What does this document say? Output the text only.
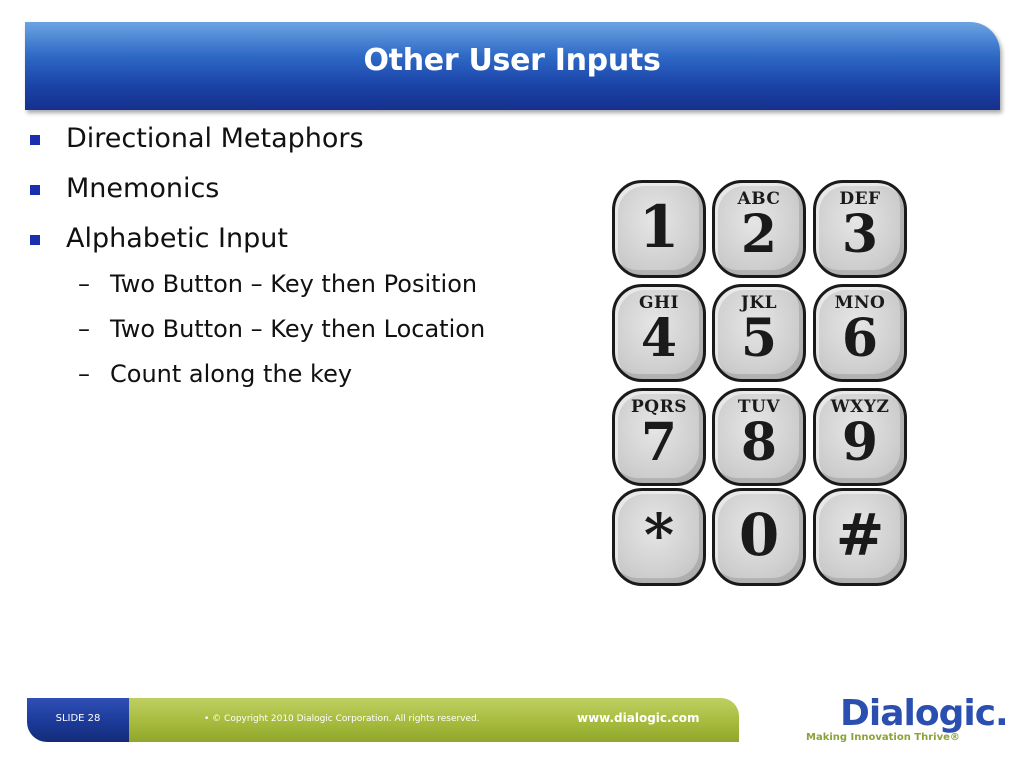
Other User Inputs
Directional Metaphors
Mnemonics
Alphabetic Input
– Two Button – Key then Position
– Two Button – Key then Location
– Count along the key
1	ABC
2
DEF
3
GHI
4
JKL
5
MNO
6
PQRS
7
TUV
8
WXYZ
9
*	0 #
SLIDE 28	• © Copyright 2010 Dialogic Corporation. All rights reserved.	www.dialogic.com	Dialogic.
Making Innovation Thrive®
